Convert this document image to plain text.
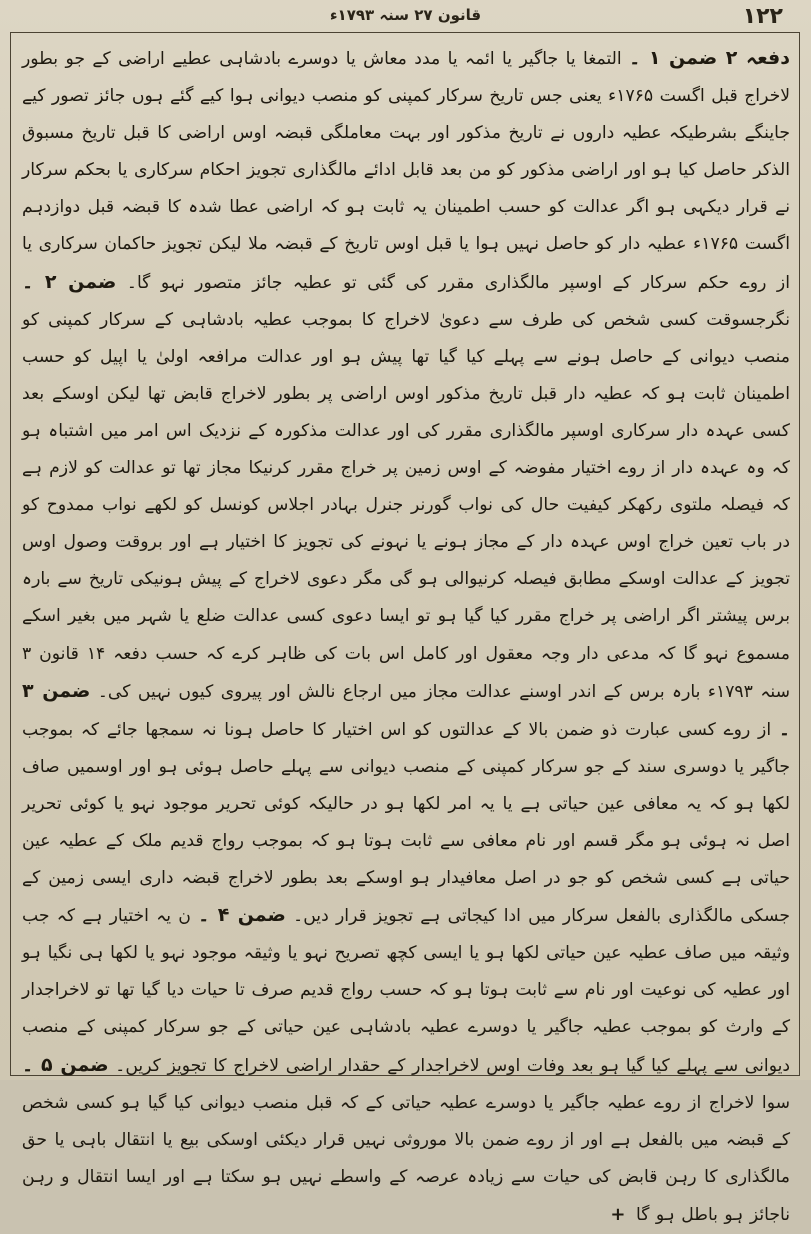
۱۲۲
قانون ۲۷ سنہ ۱۷۹۳ء

دفعہ ۲ ضمن ۱ ۔ التمغا یا جاگیر یا ائمہ یا مدد معاش یا دوسرے بادشاہی عطیے اراضی کے جو بطور لاخراج قبل اگست ۱۷۶۵ء یعنی جس تاریخ سرکار کمپنی کو منصب دیوانی ہوا کیے گئے ہوں جائز تصور کیے جاینگے بشرطیکہ عطیہ داروں نے تاریخ مذکور اور بہت معاملگی قبضہ اوس اراضی کا قبل تاریخ مسبوق الذکر حاصل کیا ہو اور اراضی مذکور کو من بعد قابل ادائے مالگذاری تجویز احکام سرکاری یا بحکم سرکار نے قرار دیکہی ہو اگر عدالت کو حسب اطمینان یہ ثابت ہو کہ اراضی عطا شدہ کا قبضہ قبل دوازدہم اگست ۱۷۶۵ء عطیہ دار کو حاصل نہیں ہوا یا قبل اوس تاریخ کے قبضہ ملا لیکن تجویز حاکمان سرکاری یا از روے حکم سرکار کے اوسپر مالگذاری مقرر کی گئی تو عطیہ جائز متصور نہو گا۔

ضمن ۲ ۔ نگرجسوقت کسی شخص کی طرف سے دعویٰ لاخراج کا بموجب عطیہ بادشاہی کے سرکار کمپنی کو منصب دیوانی کے حاصل ہونے سے پہلے کیا گیا تھا پیش ہو اور عدالت مرافعہ اولیٰ یا اپیل کو حسب اطمینان ثابت ہو کہ عطیہ دار قبل تاریخ مذکور اوس اراضی پر بطور لاخراج قابض تھا لیکن اوسکے بعد کسی عہدہ دار سرکاری اوسپر مالگذاری مقرر کی اور عدالت مذکورہ کے نزدیک اس امر میں اشتباہ ہو کہ وہ عہدہ دار از روے اختیار مفوضہ کے اوس زمین پر خراج مقرر کرنیکا مجاز تھا تو عدالت کو لازم ہے کہ فیصلہ ملتوی رکھکر کیفیت حال کی نواب گورنر جنرل بہادر اجلاس کونسل کو لکھے نواب ممدوح کو در باب تعین خراج اوس عہدہ دار کے مجاز ہونے یا نہونے کی تجویز کا اختیار ہے اور بروقت وصول اوس تجویز کے عدالت اوسکے مطابق فیصلہ کرنیوالی ہو گی مگر دعوی لاخراج کے پیش ہونیکی تاریخ سے بارہ برس پیشتر اگر اراضی پر خراج مقرر کیا گیا ہو تو ایسا دعوی کسی عدالت ضلع یا شہر میں بغیر اسکے مسموع نہو گا کہ مدعی دار وجہ معقول اور کامل اس بات کی ظاہر کرے کہ حسب دفعہ ۱۴ قانون ۳ سنہ ۱۷۹۳ء بارہ برس کے اندر اوسنے عدالت مجاز میں ارجاع نالش اور پیروی کیوں نہیں کی۔

ضمن ۳ ۔ از روے کسی عبارت ذو ضمن بالا کے عدالتوں کو اس اختیار کا حاصل ہونا نہ سمجھا جائے کہ بموجب جاگیر یا دوسری سند کے جو سرکار کمپنی کے منصب دیوانی سے پہلے حاصل ہوئی ہو اور اوسمیں صاف لکھا ہو کہ یہ معافی عین حیاتی ہے یا یہ امر لکھا ہو در حالیکہ کوئی تحریر موجود نہو یا کوئی تحریر اصل نہ ہوئی ہو مگر قسم اور نام معافی سے ثابت ہوتا ہو کہ بموجب رواج قدیم ملک کے عطیہ عین حیاتی ہے کسی شخص کو جو در اصل معافیدار ہو اوسکے بعد بطور لاخراج قبضہ داری ایسی زمین کے جسکی مالگذاری بالفعل سرکار میں ادا کیجاتی ہے تجویز قرار دیں۔

ضمن ۴ ۔ ن یہ اختیار ہے کہ جب وثیقہ میں صاف عطیہ عین حیاتی لکھا ہو یا ایسی کچھ تصریح نہو یا وثیقہ موجود نہو یا لکھا ہی نگیا ہو اور عطیہ کی نوعیت اور نام سے ثابت ہوتا ہو کہ حسب رواج قدیم صرف تا حیات دیا گیا تھا تو لاخراجدار کے وارث کو بموجب عطیہ جاگیر یا دوسرے عطیہ بادشاہی عین حیاتی کے جو سرکار کمپنی کے منصب دیوانی سے پہلے کیا گیا ہو بعد وفات اوس لاخراجدار کے حقدار اراضی لاخراج کا تجویز کریں۔

ضمن ۵ ۔ سوا لاخراج از روے عطیہ جاگیر یا دوسرے عطیہ حیاتی کے کہ قبل منصب دیوانی کیا گیا ہو کسی شخص کے قبضہ میں بالفعل ہے اور از روے ضمن بالا موروثی نہیں قرار دیکئی اوسکی بیع یا انتقال باہی یا حق مالگذاری کا رہن قابض کی حیات سے زیادہ عرصہ کے واسطے نہیں ہو سکتا ہے اور ایسا انتقال و رہن ناجائز ہو باطل ہو گا +
